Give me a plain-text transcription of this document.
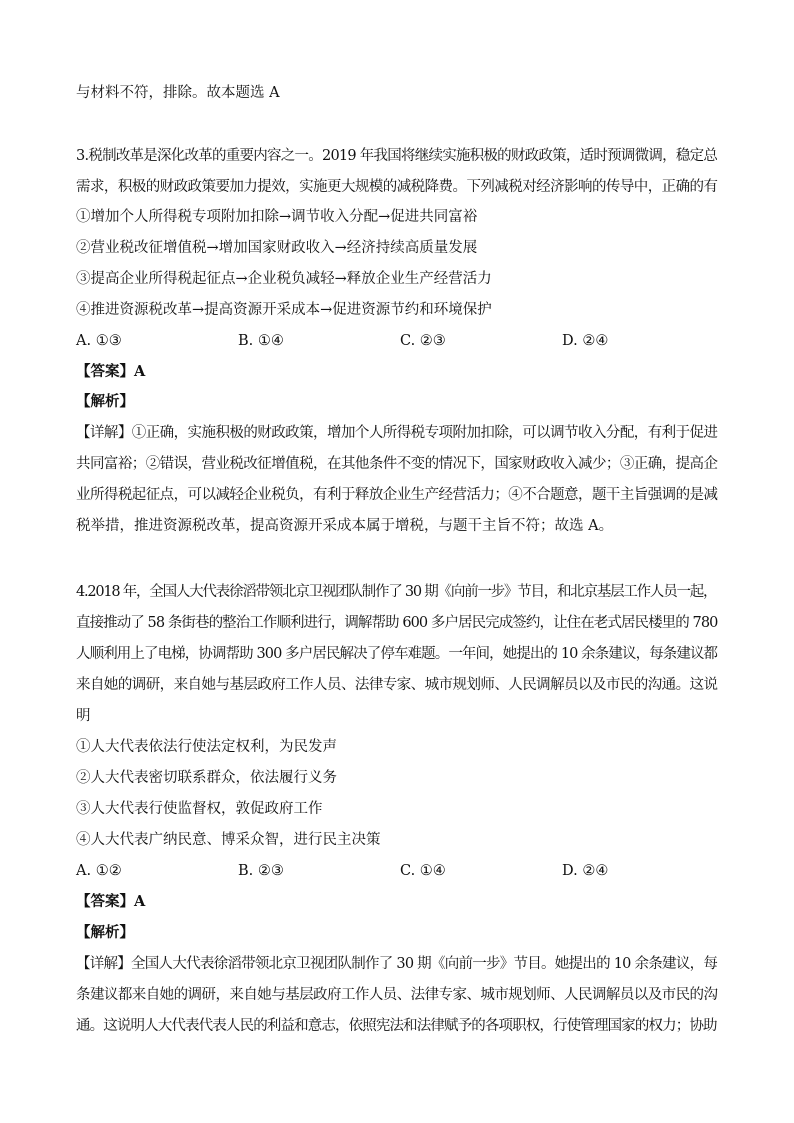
与材料不符，排除。故本题选 A
3.税制改革是深化改革的重要内容之一。2019 年我国将继续实施积极的财政政策，适时预调微调，稳定总
需求，积极的财政政策要加力提效，实施更大规模的减税降费。下列减税对经济影响的传导中，正确的有
①增加个人所得税专项附加扣除→调节收入分配→促进共同富裕
②营业税改征增值税→增加国家财政收入→经济持续高质量发展
③提高企业所得税起征点→企业税负减轻→释放企业生产经营活力
④推进资源税改革→提高资源开采成本→促进资源节约和环境保护
A. ①③	B. ①④	C. ②③	D. ②④
【答案】A
【解析】
【详解】①正确，实施积极的财政政策，增加个人所得税专项附加扣除，可以调节收入分配，有利于促进
共同富裕；②错误，营业税改征增值税，在其他条件不变的情况下，国家财政收入减少；③正确，提高企
业所得税起征点，可以减轻企业税负，有利于释放企业生产经营活力；④不合题意，题干主旨强调的是减
税举措，推进资源税改革，提高资源开采成本属于增税，与题干主旨不符；故选 A。
4.2018 年，全国人大代表徐滔带领北京卫视团队制作了 30 期《向前一步》节目，和北京基层工作人员一起，
直接推动了 58 条街巷的整治工作顺利进行，调解帮助 600 多户居民完成签约，让住在老式居民楼里的 780
人顺利用上了电梯，协调帮助 300 多户居民解决了停车难题。一年间，她提出的 10 余条建议，每条建议都
来自她的调研，来自她与基层政府工作人员、法律专家、城市规划师、人民调解员以及市民的沟通。这说
明
①人大代表依法行使法定权利，为民发声
②人大代表密切联系群众，依法履行义务
③人大代表行使监督权，敦促政府工作
④人大代表广纳民意、博采众智，进行民主决策
A. ①②	B. ②③	C. ①④	D. ②④
【答案】A
【解析】
【详解】全国人大代表徐滔带领北京卫视团队制作了 30 期《向前一步》节目。她提出的 10 余条建议，每
条建议都来自她的调研，来自她与基层政府工作人员、法律专家、城市规划师、人民调解员以及市民的沟
通。这说明人大代表代表人民的利益和意志，依照宪法和法律赋予的各项职权，行使管理国家的权力；协助
